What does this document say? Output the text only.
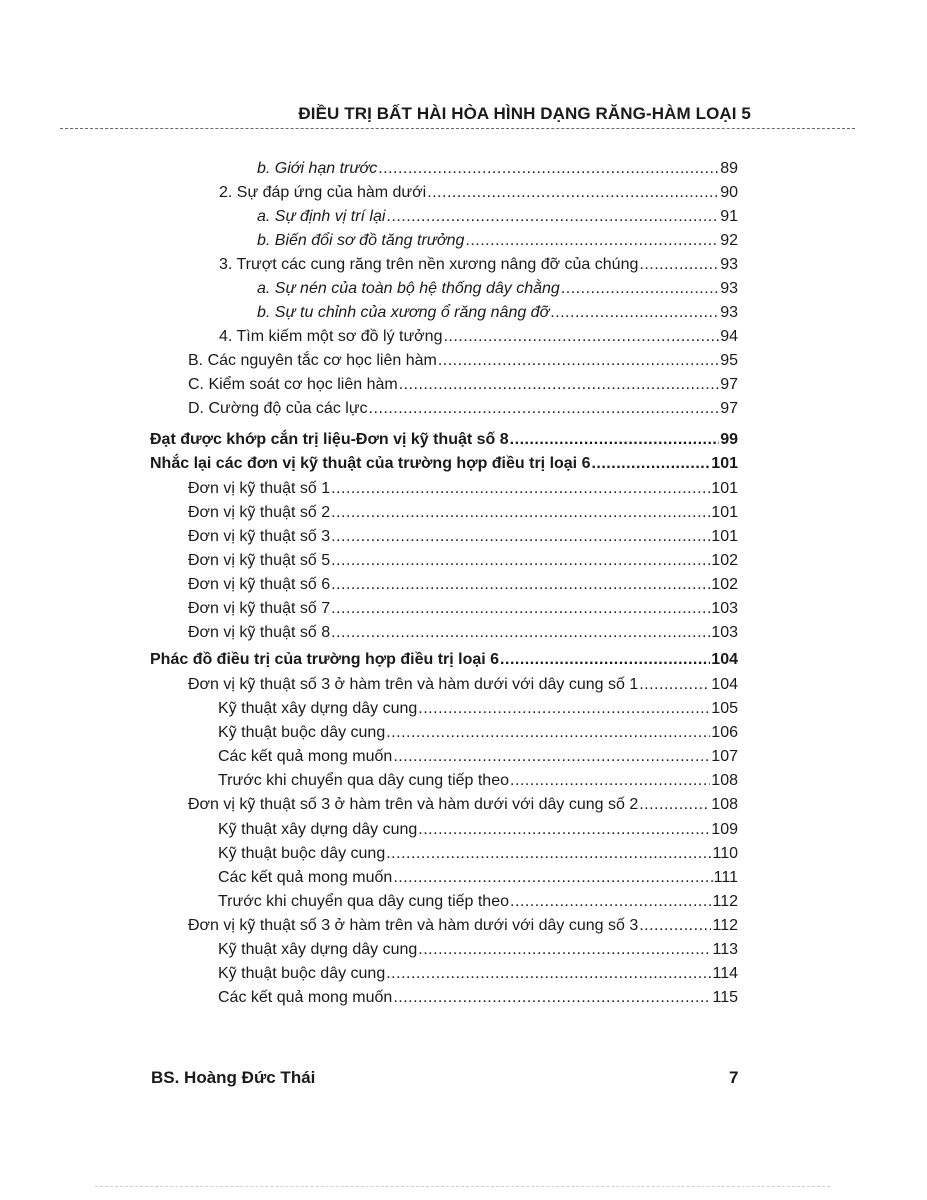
ĐIỀU TRỊ BẤT HÀI HÒA HÌNH DẠNG RĂNG-HÀM LOẠI 5
b. Giới hạn trước .....	89
2. Sự đáp ứng của hàm dưới .....	90
a. Sự định vị trí lại .....	91
b. Biến đổi sơ đồ tăng trưởng .....	92
3. Trượt các cung răng trên nền xương nâng đỡ của chúng .....	93
a. Sự nén của toàn bộ hệ thống dây chằng .....	93
b. Sự tu chỉnh của xương ổ răng nâng đỡ .....	93
4. Tìm kiếm một sơ đồ lý tưởng .....	94
B. Các nguyên tắc cơ học liên hàm .....	95
C. Kiểm soát cơ học liên hàm .....	97
D. Cường độ của các lực .....	97
Đạt được khớp cắn trị liệu-Đơn vị kỹ thuật số 8 .....	99
Nhắc lại các đơn vị kỹ thuật của trường hợp điều trị loại 6 .....	101
Đơn vị kỹ thuật số 1 .....	101
Đơn vị kỹ thuật số 2 .....	101
Đơn vị kỹ thuật số 3 .....	101
Đơn vị kỹ thuật số 5 .....	102
Đơn vị kỹ thuật số 6 .....	102
Đơn vị kỹ thuật số 7 .....	103
Đơn vị kỹ thuật số 8 .....	103
Phác đồ điều trị của trường hợp điều trị loại 6 .....	104
Đơn vị kỹ thuật số 3 ở hàm trên và hàm dưới với dây cung số 1 .....	104
Kỹ thuật xây dựng dây cung .....	105
Kỹ thuật buộc dây cung .....	106
Các kết quả mong muốn .....	107
Trước khi chuyển qua dây cung tiếp theo .....	108
Đơn vị kỹ thuật số 3 ở hàm trên và hàm dưới với dây cung số 2 .....	108
Kỹ thuật xây dựng dây cung .....	109
Kỹ thuật buộc dây cung .....	110
Các kết quả mong muốn .....	111
Trước khi chuyển qua dây cung tiếp theo .....	112
Đơn vị kỹ thuật số 3 ở hàm trên và hàm dưới với dây cung số 3 .....	112
Kỹ thuật xây dựng dây cung .....	113
Kỹ thuật buộc dây cung .....	114
Các kết quả mong muốn .....	115
BS. Hoàng Đức Thái	7
